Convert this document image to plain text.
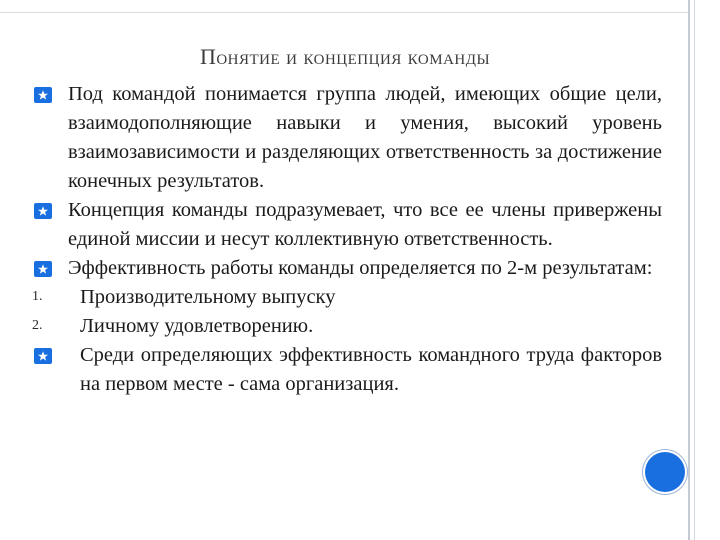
Понятие и концепция команды
Под командой понимается группа людей, имеющих общие цели, взаимодополняющие навыки и умения, высокий уровень взаимозависимости и разделяющих ответственность за достижение конечных результатов.
Концепция команды подразумевает, что все ее члены привержены единой миссии и несут коллективную ответственность.
Эффективность работы команды определяется по 2-м результатам:
1.	Производительному выпуску
2.	Личному удовлетворению.
Среди определяющих эффективность командного труда факторов на первом месте - сама организация.
